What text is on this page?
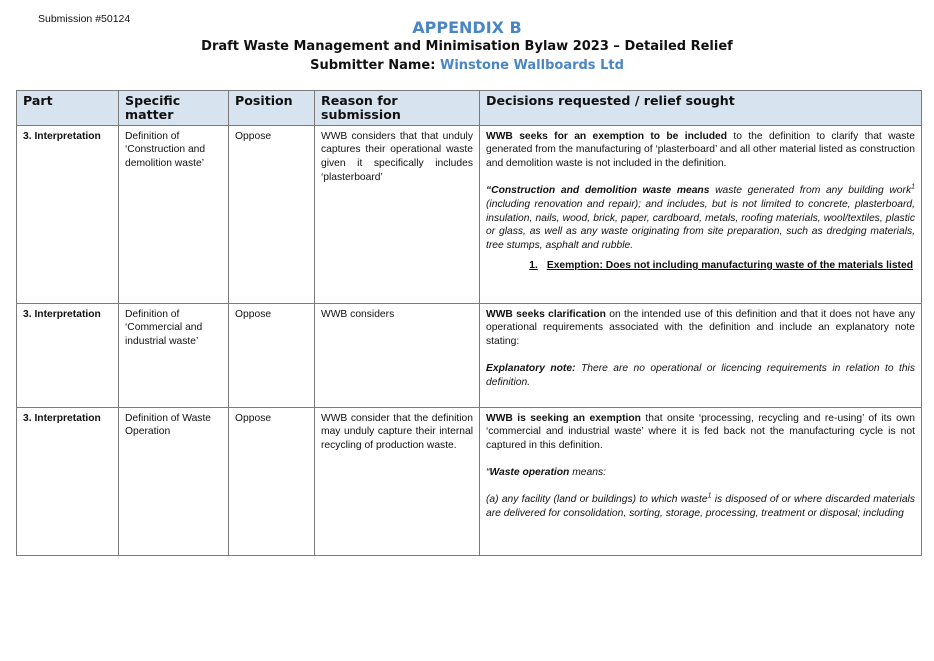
Submission #50124	APPENDIX B
Draft Waste Management and Minimisation Bylaw 2023 – Detailed Relief
Submitter Name: Winstone Wallboards Ltd
Part	Specific matter	Position	Reason for submission	Decisions requested / relief sought
3. Interpretation	Definition of ‘Construction and demolition waste’	Oppose	WWB considers that that unduly captures their operational waste given it specifically includes ‘plasterboard’	WWB seeks for an exemption to be included to the definition to clarify that waste generated from the manufacturing of ‘plasterboard’ and all other material listed as construction and demolition waste is not included in the definition.
“Construction and demolition waste means waste generated from any building work$^1$ (including renovation and repair); and includes, but is not limited to concrete, plasterboard, insulation, nails, wood, brick, paper, cardboard, metals, roofing materials, wool/textiles, plastic or glass, as well as any waste originating from site preparation, such as dredging materials, tree stumps, asphalt and rubble.
1. Exemption: Does not including manufacturing waste of the materials listed

3. Interpretation	Definition of ‘Commercial and industrial waste’	Oppose	WWB considers	WWB seeks clarification on the intended use of this definition and that it does not have any operational requirements associated with the definition and include an explanatory note stating:
Explanatory note: There are no operational or licencing requirements in relation to this definition.

3. Interpretation	Definition of Waste Operation	Oppose	WWB consider that the definition may unduly capture their internal recycling of production waste.	WWB is seeking an exemption that onsite ‘processing, recycling and re-using’ of its own ‘commercial and industrial waste’ where it is fed back not the manufacturing cycle is not captured in this definition.
“Waste operation means:
(a) any facility (land or buildings) to which waste$^1$ is disposed of or where discarded materials are delivered for consolidation, sorting, storage, processing, treatment or disposal; including
